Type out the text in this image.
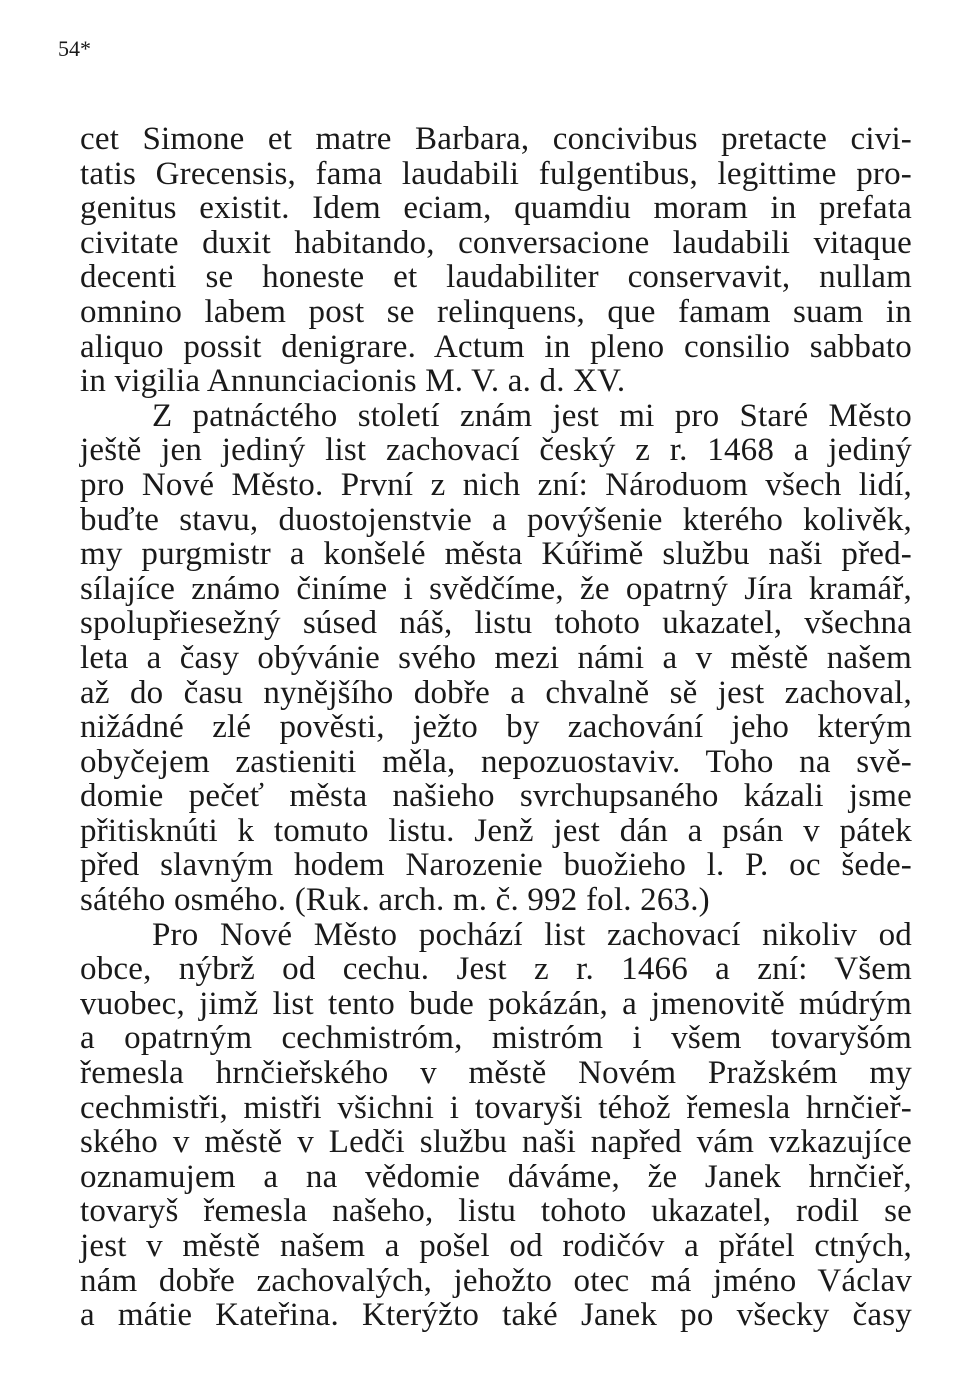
54*
cet Simone et matre Barbara, concivibus pretacte civi-
tatis Grecensis, fama laudabili fulgentibus, legittime pro-
genitus existit. Idem eciam, quamdiu moram in prefata
civitate duxit habitando, conversacione laudabili vitaque
decenti se honeste et laudabiliter conservavit, nullam
omnino labem post se relinquens, que famam suam in
aliquo possit denigrare. Actum in pleno consilio sabbato
in vigilia Annunciacionis M. V. a. d. XV.
Z patnáctého století znám jest mi pro Staré Město
ještě jen jediný list zachovací český z r. 1468 a jediný
pro Nové Město. První z nich zní: Národuom všech lidí,
buďte stavu, duostojenstvie a povýšenie kterého kolivěk,
my purgmistr a konšelé města Kúřimě službu naši před-
sílajíce známo činíme i svědčíme, že opatrný Jíra kramář,
spolupřiesežný súsed náš, listu tohoto ukazatel, všechna
leta a časy obývánie svého mezi námi a v městě našem
až do času nynějšího dobře a chvalně sě jest zachoval,
nižádné zlé pověsti, ježto by zachování jeho kterým
obyčejem zastieniti měla, nepozuostaviv. Toho na svě-
domie pečeť města našieho svrchupsaného kázali jsme
přitisknúti k tomuto listu. Jenž jest dán a psán v pátek
před slavným hodem Narozenie buožieho l. P. oc šede-
sátého osmého. (Ruk. arch. m. č. 992 fol. 263.)
Pro Nové Město pochází list zachovací nikoliv od
obce, nýbrž od cechu. Jest z r. 1466 a zní: Všem
vuobec, jimž list tento bude pokázán, a jmenovitě múdrým
a opatrným cechmistróm, mistróm i všem tovaryšóm
řemesla hrnčieřského v městě Novém Pražském my
cechmistři, mistři všichni i tovaryši téhož řemesla hrnčieř-
ského v městě v Ledči službu naši napřed vám vzkazujíce
oznamujem a na vědomie dáváme, že Janek hrnčieř,
tovaryš řemesla našeho, listu tohoto ukazatel, rodil se
jest v městě našem a pošel od rodičóv a přátel ctných,
nám dobře zachovalých, jehožto otec má jméno Václav
a mátie Kateřina. Kterýžto také Janek po všecky časy
